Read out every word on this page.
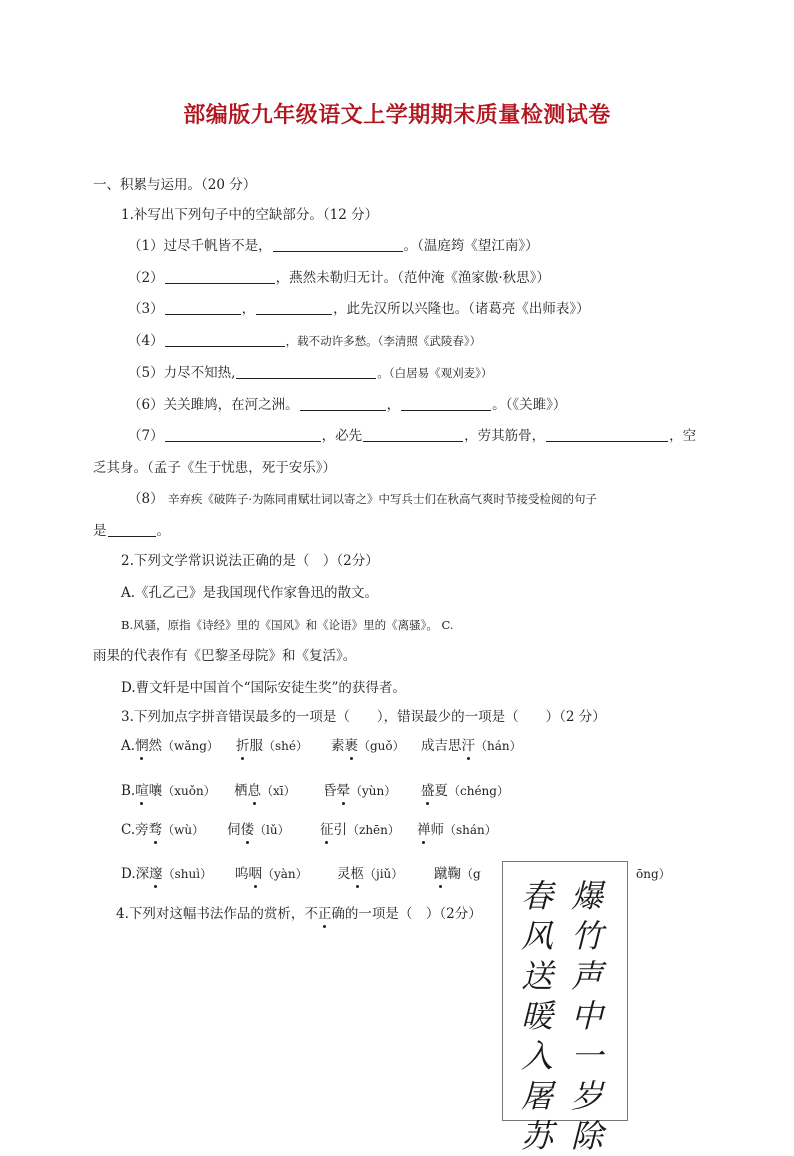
部编版九年级语文上学期期末质量检测试卷
一、积累与运用。（20 分）
1.补写出下列句子中的空缺部分。（12 分）
（1）过尽千帆皆不是，	。（温庭筠《望江南》）
（2）	，燕然未勒归无计。（范仲淹《渔家傲·秋思》）
（3）	，	，此先汉所以兴隆也。（诸葛亮《出师表》）
（4）	，载不动许多愁。（李清照《武陵春》）
（5）力尽不知热,	。（白居易《观刈麦》）
（6）关关雎鸠，在河之洲。	，	。（《关雎》）
（7）	，必先	，劳其筋骨，	，空
乏其身。（孟子《生于忧患，死于安乐》）
（8） 辛弃疾《破阵子·为陈同甫赋壮词以寄之》中写兵士们在秋高气爽时节接受检阅的句子
是	。
2.下列文学常识说法正确的是（　）（2分）
A.《孔乙己》是我国现代作家鲁迅的散文。
B.风骚，原指《诗经》里的《国风》和《论语》里的《离骚》。 C.
雨果的代表作有《巴黎圣母院》和《复活》。
D.曹文轩是中国首个“国际安徒生奖”的获得者。
3.下列加点字拼音错误最多的一项是（　　），错误最少的一项是（　　）（2 分）
A.惘然（wǎng） 折服（shé） 素裹（guǒ） 成吉思汗（hán）
B.喧嚷（xuǒn） 栖息（xī） 昏晕（yùn） 盛夏（chéng）
C.旁骛（wù） 伺偻（lǔ） 征引（zhēn） 禅师（shán）
D.深邃（shuì） 呜咽（yàn） 灵柩（jiǔ） 蹴鞠（g	ōng）
4.下列对这幅书法作品的赏析，不正确的一项是（　）（2分） 春风送暖入屠苏
爆竹声中一岁除
